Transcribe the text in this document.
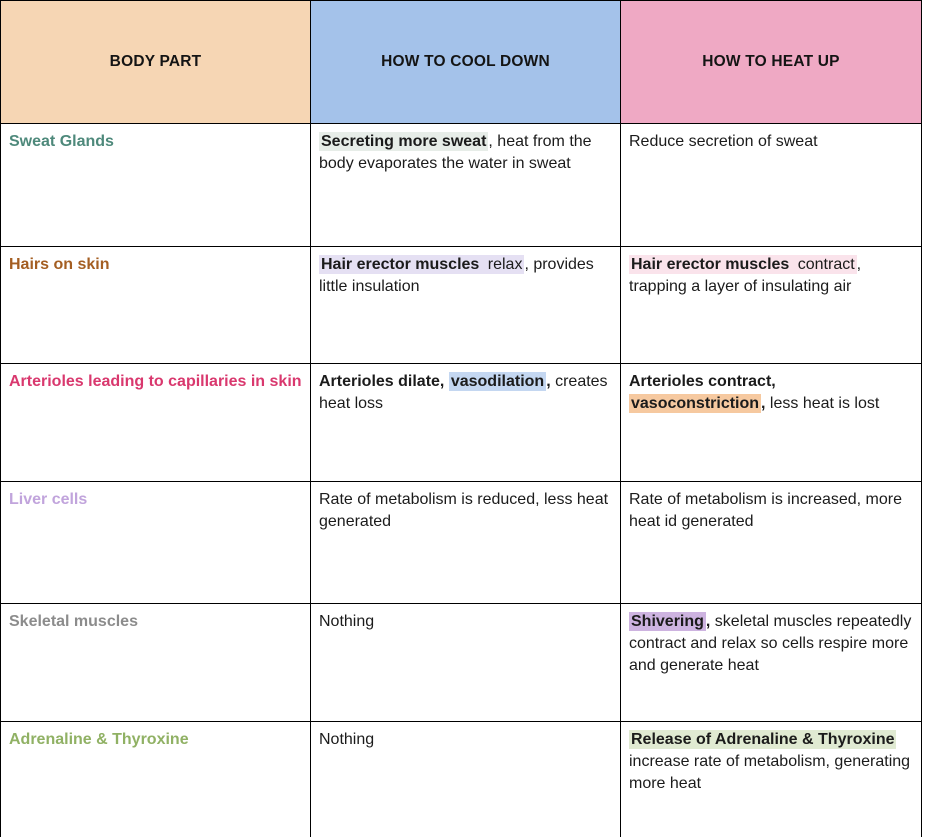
BODY PART	HOW TO COOL DOWN	HOW TO HEAT UP
Sweat Glands	Secreting more sweat , heat from the body evaporates the water in sweat	Reduce secretion of sweat
Hairs on skin	Hair erector muscles relax , provides little insulation	Hair erector muscles contract , trapping a layer of insulating air
Arterioles leading to capillaries in skin	Arterioles dilate, vasodilation , creates heat loss	Arterioles contract, vasoconstriction , less heat is lost
Liver cells	Rate of metabolism is reduced, less heat generated	Rate of metabolism is increased, more heat id generated
Skeletal muscles	Nothing	Shivering , skeletal muscles repeatedly contract and relax so cells respire more and generate heat
Adrenaline & Thyroxine	Nothing	Release of Adrenaline & Thyroxine increase rate of metabolism, generating more heat
